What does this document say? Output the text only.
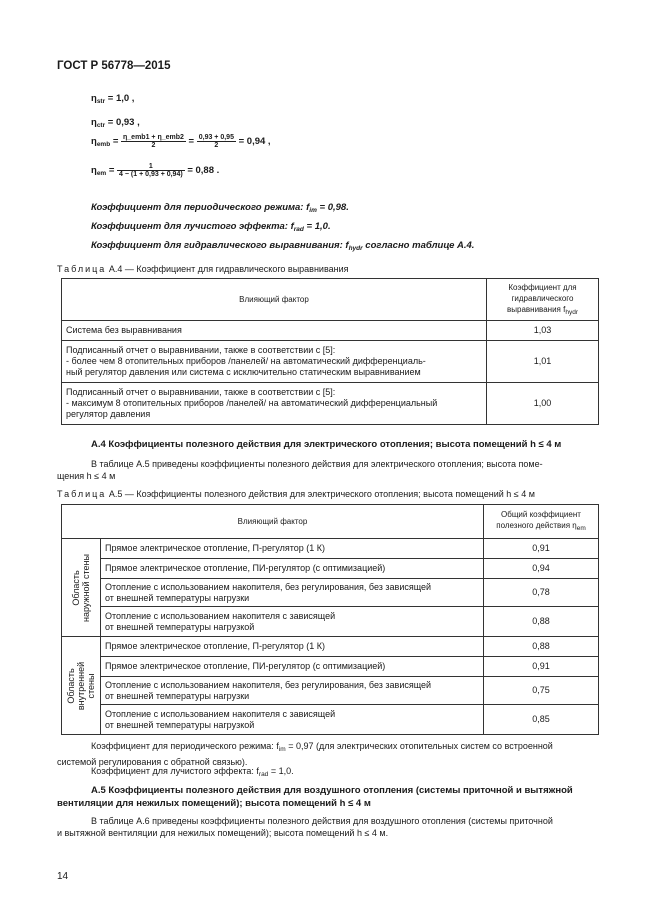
ГОСТ Р 56778—2015
$\eta_{str} = 1,0$ ,
$\eta_{ctr} = 0,93$ ,
$\eta_{emb} = \frac{\text{η\_emb1 + η\_emb2}}{2} = \frac{0,93 + 0,95}{2} = 0,94$ ,
$\eta_{em} = \frac{1}{4 - (1 + 0,93 + 0,94)} = 0,88$ .
Коэффициент для периодического режима: $f_{im} = 0,98$.
Коэффициент для лучистого эффекта: $f_{rad} = 1,0$.
Коэффициент для гидравлического выравнивания: $f_{hydr}$ согласно таблице А.4.
Таблица А.4 — Коэффициент для гидравлического выравнивания
Влияющий фактор	Коэффициент для гидравлического выравнивания $f_{hydr}$
Система без выравнивания	1,03

Подписанный отчет о выравнивании, также в соответствии с [5]:
- более чем 8 отопительных приборов /панелей/ на автоматический дифференциаль-
ный регулятор давления или система с исключительно статическим выравниванием	1,01

Подписанный отчет о выравнивании, также в соответствии с [5]:
- максимум 8 отопительных приборов /панелей/ на автоматический дифференциальный
регулятор давления	1,00
А.4 Коэффициенты полезного действия для электрического отопления; высота помещений h ≤ 4 м
В таблице А.5 приведены коэффициенты полезного действия для электрического отопления; высота поме-
щения h ≤ 4 м
Таблица А.5 — Коэффициенты полезного действия для электрического отопления; высота помещений h ≤ 4 м
Влияющий фактор		Общий коэффициент полезного действия $\eta_{em}$

Область наружной стены	Прямое электрическое отопление, П-регулятор (1 К)	0,91
	Прямое электрическое отопление, ПИ-регулятор (с оптимизацией)	0,94

	Отопление с использованием накопителя, без регулирования, без зависящей
от внешней температуры нагрузки	0,78

	Отопление с использованием накопителя с зависящей
от внешней температуры нагрузкой	0,88

Область внутренней стены	Прямое электрическое отопление, П-регулятор (1 К)	0,88
	Прямое электрическое отопление, ПИ-регулятор (с оптимизацией)	0,91

	Отопление с использованием накопителя, без регулирования, без зависящей
от внешней температуры нагрузки	0,75

	Отопление с использованием накопителя с зависящей
от внешней температуры нагрузкой	0,85
Коэффициент для периодического режима: $f_{im} = 0,97$ (для электрических отопительных систем со встроенной
системой регулирования с обратной связью).
Коэффициент для лучистого эффекта: $f_{rad} = 1,0$.
А.5 Коэффициенты полезного действия для воздушного отопления (системы приточной и вытяжной
вентиляции для нежилых помещений); высота помещений h ≤ 4 м
В таблице А.6 приведены коэффициенты полезного действия для воздушного отопления (системы приточной
и вытяжной вентиляции для нежилых помещений); высота помещений h ≤ 4 м.
14
